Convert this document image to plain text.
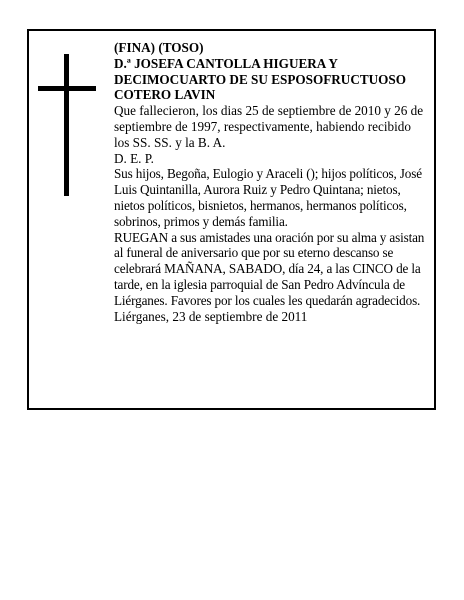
(FINA) (TOSO)

D.ª JOSEFA CANTOLLA HIGUERA Y DECIMOCUARTO DE SU ESPOSOFRUCTUOSO COTERO LAVIN

Que fallecieron, los dias 25 de septiembre de 2010 y 26 de septiembre de 1997, respectivamente, habiendo recibido los SS. SS. y la B. A.

D. E. P.

Sus hijos, Begoña, Eulogio y Araceli (); hijos políticos, José Luis Quintanilla, Aurora Ruiz y Pedro Quintana; nietos, nietos políticos, bisnietos, hermanos, hermanos políticos, sobrinos, primos y demás familia.

RUEGAN a sus amistades una oración por su alma y asistan al funeral de aniversario que por su eterno descanso se celebrará MAÑANA, SABADO, día 24, a las CINCO de la tarde, en la iglesia parroquial de San Pedro Advíncula de Liérganes. Favores por los cuales les quedarán agradecidos.

Liérganes, 23 de septiembre de 2011
